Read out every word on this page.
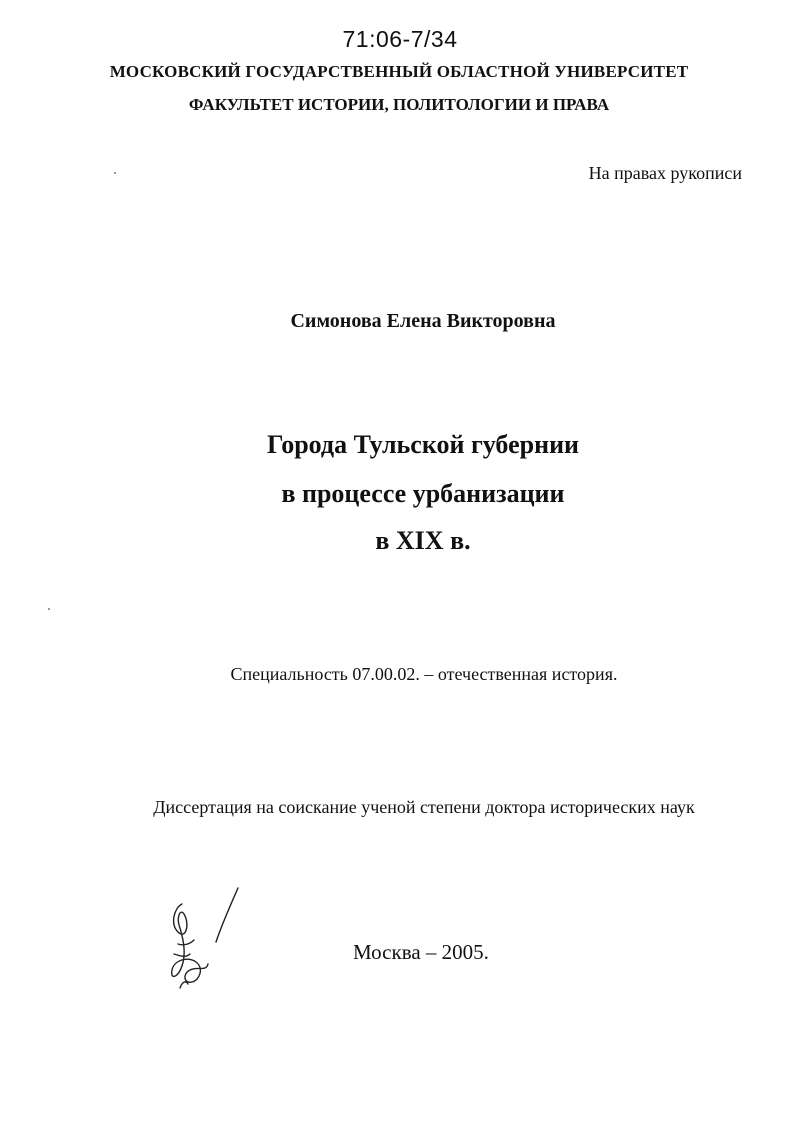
71:06-7/34
МОСКОВСКИЙ ГОСУДАРСТВЕННЫЙ ОБЛАСТНОЙ УНИВЕРСИТЕТ
ФАКУЛЬТЕТ ИСТОРИИ, ПОЛИТОЛОГИИ И ПРАВА
На правах рукописи
Симонова Елена Викторовна
Города Тульской губернии
в процессе урбанизации
в XIX в.
Специальность 07.00.02. – отечественная история.
Диссертация на соискание ученой степени доктора исторических наук
Москва – 2005.
